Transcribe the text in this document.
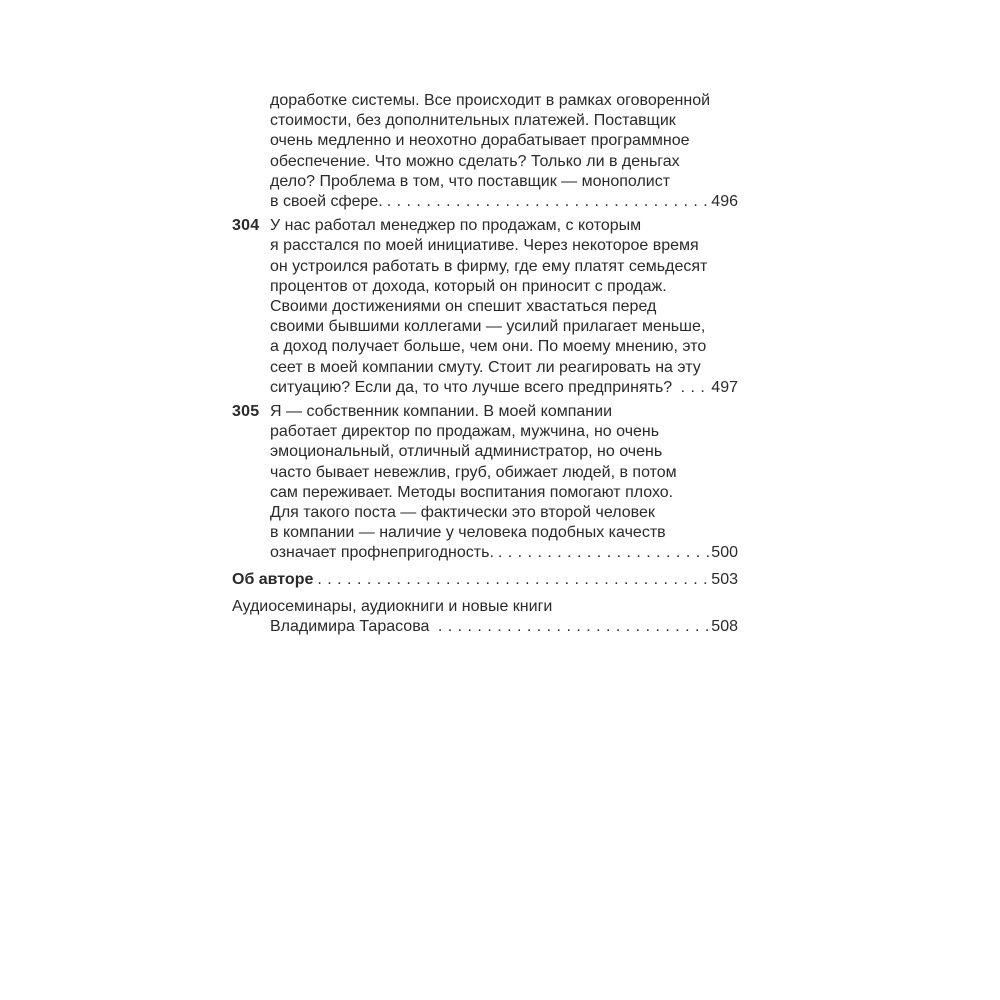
доработке системы. Все происходит в рамках оговоренной
стоимости, без дополнительных платежей. Поставщик
очень медленно и неохотно дорабатывает программное
обеспечение. Что можно сделать? Только ли в деньгах
дело? Проблема в том, что поставщик — монополист
в своей сфере. . . .	496
304 У нас работал менеджер по продажам, с которым
я расстался по моей инициативе. Через некоторое время
он устроился работать в фирму, где ему платят семьдесят
процентов от дохода, который он приносит с продаж.
Своими достижениями он спешит хвастаться перед
своими бывшими коллегами — усилий прилагает меньше,
а доход получает больше, чем они. По моему мнению, это
сеет в моей компании смуту. Стоит ли реагировать на эту
ситуацию? Если да, то что лучше всего предпринять? . . . 497
305 Я — собственник компании. В моей компании
работает директор по продажам, мужчина, но очень
эмоциональный, отличный администратор, но очень
часто бывает невежлив, груб, обижает людей, в потом
сам переживает. Методы воспитания помогают плохо.
Для такого поста — фактически это второй человек
в компании — наличие у человека подобных качеств
означает профнепригодность. . . .	500
Об авторе . . .	503
Аудиосеминары, аудиокниги и новые книги
Владимира Тарасова . . .	508
